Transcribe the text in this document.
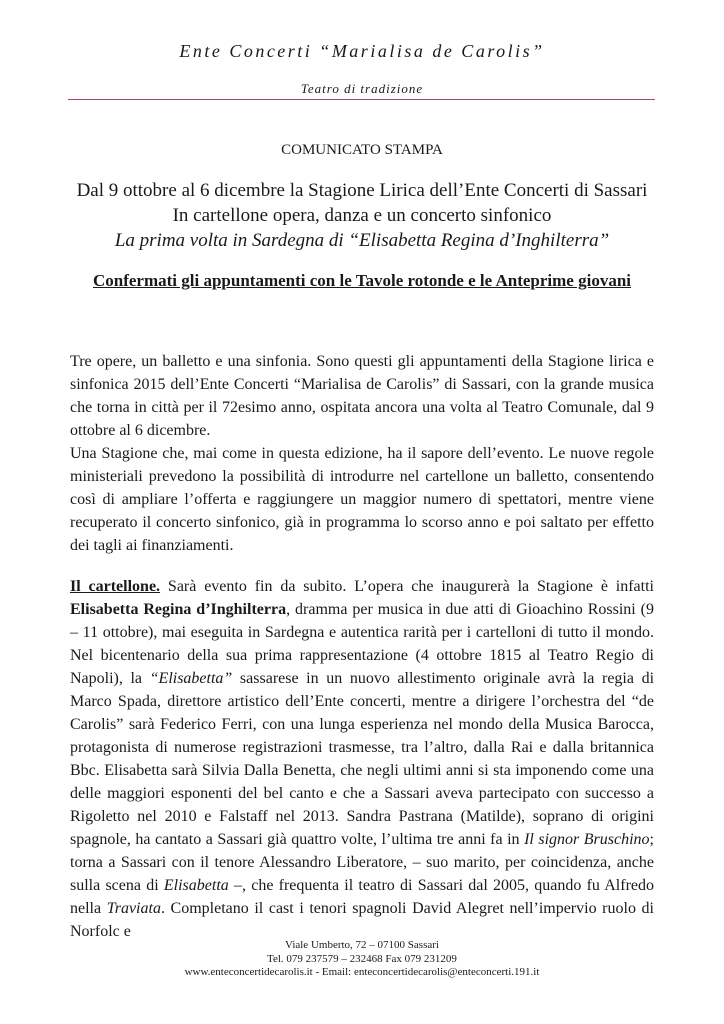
Ente Concerti “Marialisa de Carolis”
Teatro di tradizione
COMUNICATO STAMPA
Dal 9 ottobre al 6 dicembre la Stagione Lirica dell’Ente Concerti di Sassari
In cartellone opera, danza e un concerto sinfonico
La prima volta in Sardegna di “Elisabetta Regina d’Inghilterra”
Confermati gli appuntamenti con le Tavole rotonde e le Anteprime giovani

Tre opere, un balletto e una sinfonia. Sono questi gli appuntamenti della Stagione lirica e sinfonica 2015 dell’Ente Concerti “Marialisa de Carolis” di Sassari, con la grande musica che torna in città per il 72esimo anno, ospitata ancora una volta al Teatro Comunale, dal 9 ottobre al 6 dicembre.

Una Stagione che, mai come in questa edizione, ha il sapore dell’evento. Le nuove regole ministeriali prevedono la possibilità di introdurre nel cartellone un balletto, consentendo così di ampliare l’offerta e raggiungere un maggior numero di spettatori, mentre viene recuperato il concerto sinfonico, già in programma lo scorso anno e poi saltato per effetto dei tagli ai finanziamenti.

Il cartellone. Sarà evento fin da subito. L’opera che inaugurerà la Stagione è infatti Elisabetta Regina d’Inghilterra, dramma per musica in due atti di Gioachino Rossini (9 – 11 ottobre), mai eseguita in Sardegna e autentica rarità per i cartelloni di tutto il mondo. Nel bicentenario della sua prima rappresentazione (4 ottobre 1815 al Teatro Regio di Napoli), la “Elisabetta” sassarese in un nuovo allestimento originale avrà la regia di Marco Spada, direttore artistico dell’Ente concerti, mentre a dirigere l’orchestra del “de Carolis” sarà Federico Ferri, con una lunga esperienza nel mondo della Musica Barocca, protagonista di numerose registrazioni trasmesse, tra l’altro, dalla Rai e dalla britannica Bbc. Elisabetta sarà Silvia Dalla Benetta, che negli ultimi anni si sta imponendo come una delle maggiori esponenti del bel canto e che a Sassari aveva partecipato con successo a Rigoletto nel 2010 e Falstaff nel 2013. Sandra Pastrana (Matilde), soprano di origini spagnole, ha cantato a Sassari già quattro volte, l’ultima tre anni fa in Il signor Bruschino; torna a Sassari con il tenore Alessandro Liberatore, – suo marito, per coincidenza, anche sulla scena di Elisabetta –, che frequenta il teatro di Sassari dal 2005, quando fu Alfredo nella Traviata. Completano il cast i tenori spagnoli David Alegret nell’impervio ruolo di Norfolc e

Viale Umberto, 72 – 07100 Sassari
Tel. 079 237579 – 232468 Fax 079 231209
www.enteconcertidecarolis.it - Email: enteconcertidecarolis@enteconcerti.191.it
